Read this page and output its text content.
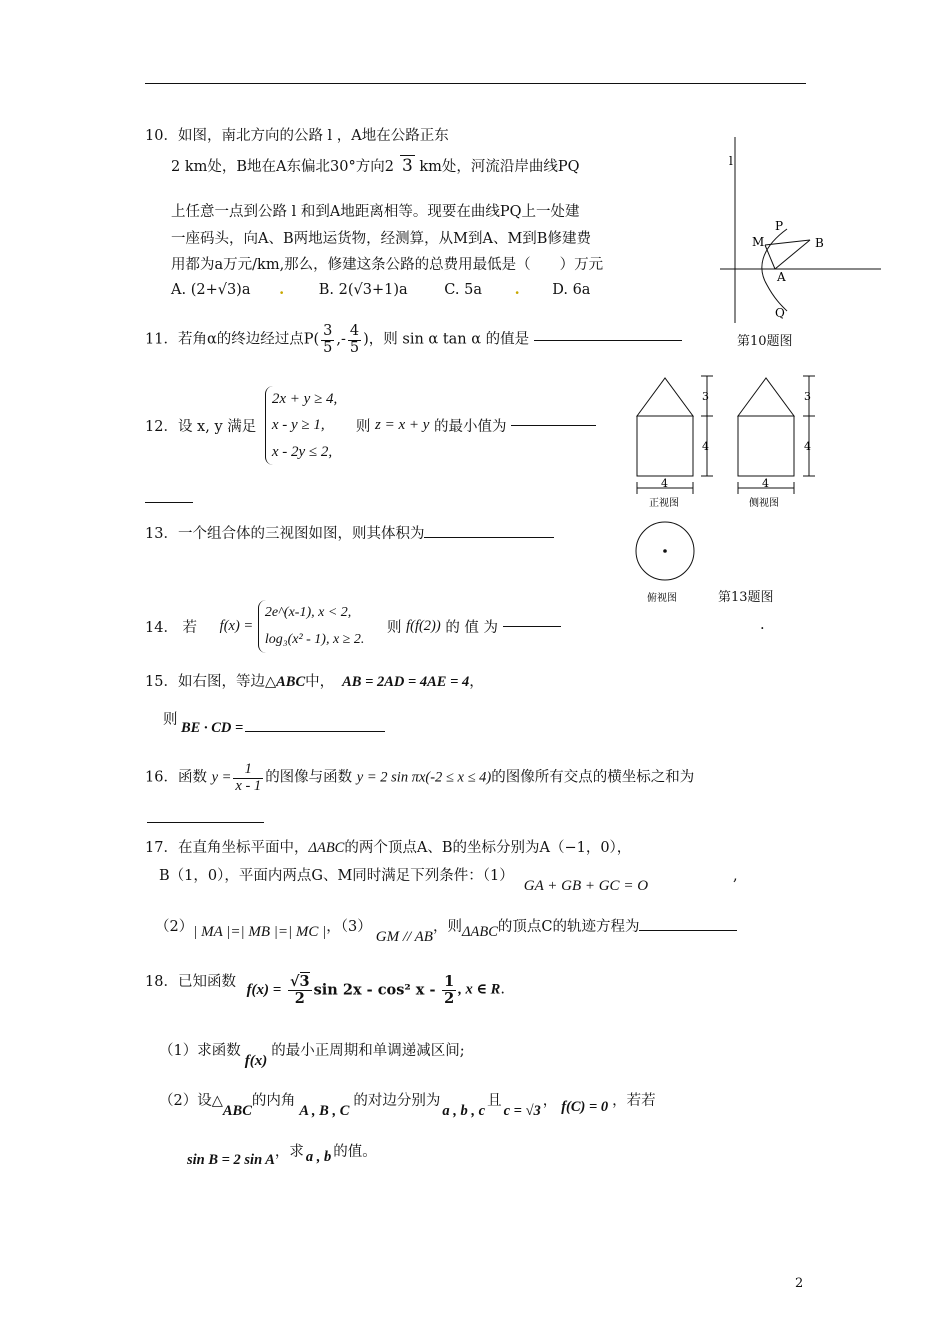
10．如图，南北方向的公路 l ，A地在公路正东
2 km处，B地在A东偏北30°方向2 3 km处，河流沿岸曲线PQ
上任意一点到公路 l 和到A地距离相等。现要在曲线PQ上一处建
一座码头，向A、B两地运货物，经测算，从M到A、M到B修建费
用都为a万元/km,那么，修建这条公路的总费用最低是（　　）万元
A. (2+√3)a . B. 2(√3+1)a	C. 5a . D. 6a
l
P
M	B
A
Q
第10题图
11．若角α的终边经过点$P( \frac{3}{5}$ ,- $\frac{4}{5}$ )，则 sin α tan α 的值是
12．设 x, y 满足 2x + y ≥ 4,
x - y ≥ 1,
x - 2y ≤ 2, 则 z = x + y 的最小值为
13．一个组合体的三视图如图，则其体积为
3
4
4
正视图
3
4
4
侧视图
俯视图	第13题图
14． 若 f(x) = 2e^(x-1), x < 2,
log₃(x² - 1), x ≥ 2. 则 f(f(2)) 的 值 为	.
15．如右图，等边△ABC中， AB = 2AD = 4AE = 4，
则 BE · CD =
16．函数 $y = \frac{1}{x - 1}$ 的图像与函数 y = 2 sin πx(-2 ≤ x ≤ 4)的图像所有交点的横坐标之和为
17．在直角坐标平面中，ΔABC的两个顶点A、B的坐标分别为A（−1，0），
B（1，0），平面内两点G、M同时满足下列条件：（1）GA + GB + GC = O
,
（2）| MA |=| MB |=| MC |，（3）GM // AB，则ΔABC的顶点C的轨迹方程为
18．已知函数 $f(x) = \frac{√3}{2}$ sin 2x - cos² x - $\frac{1}{2}$ , x ∈ R.
（1）求函数f(x)的最小正周期和单调递减区间;
（2）设△ABC的内角A , B , C的对边分别为a , b , c且c = √3， f(C) = 0 ，若若
sin B = 2 sin A，求 a , b 的值。
2
